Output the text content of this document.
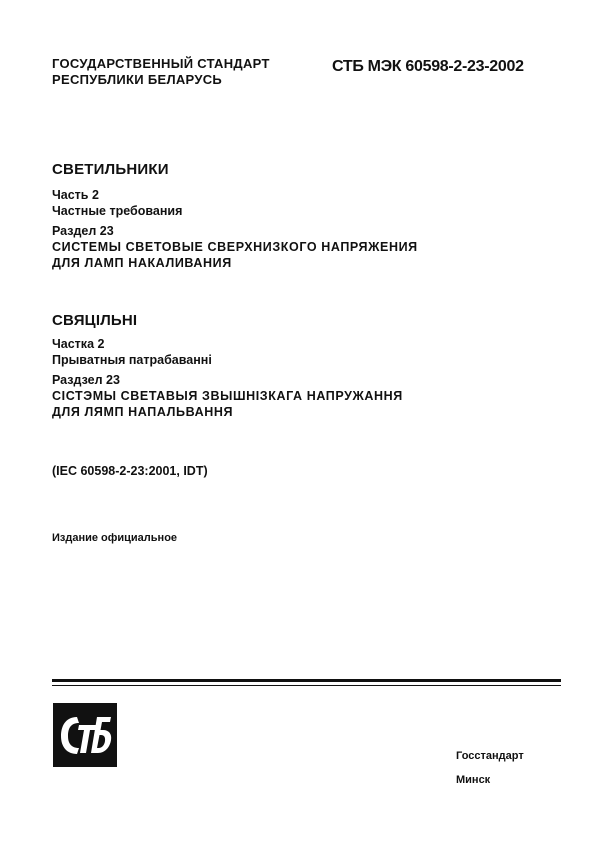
ГОСУДАРСТВЕННЫЙ СТАНДАРТ
РЕСПУБЛИКИ БЕЛАРУСЬ
СТБ МЭК 60598-2-23-2002
СВЕТИЛЬНИКИ
Часть 2
Частные требования
Раздел 23
СИСТЕМЫ СВЕТОВЫЕ СВЕРХНИЗКОГО НАПРЯЖЕНИЯ
ДЛЯ ЛАМП НАКАЛИВАНИЯ
СВЯЦІЛЬНІ
Частка 2
Прыватныя патрабаванні
Раздзел 23
СІСТЭМЫ СВЕТАВЫЯ ЗВЫШНІЗКАГА НАПРУЖАННЯ
ДЛЯ ЛЯМП НАПАЛЬВАННЯ
(IEC 60598-2-23:2001, IDT)
Издание официальное
Госстандарт
Минск
